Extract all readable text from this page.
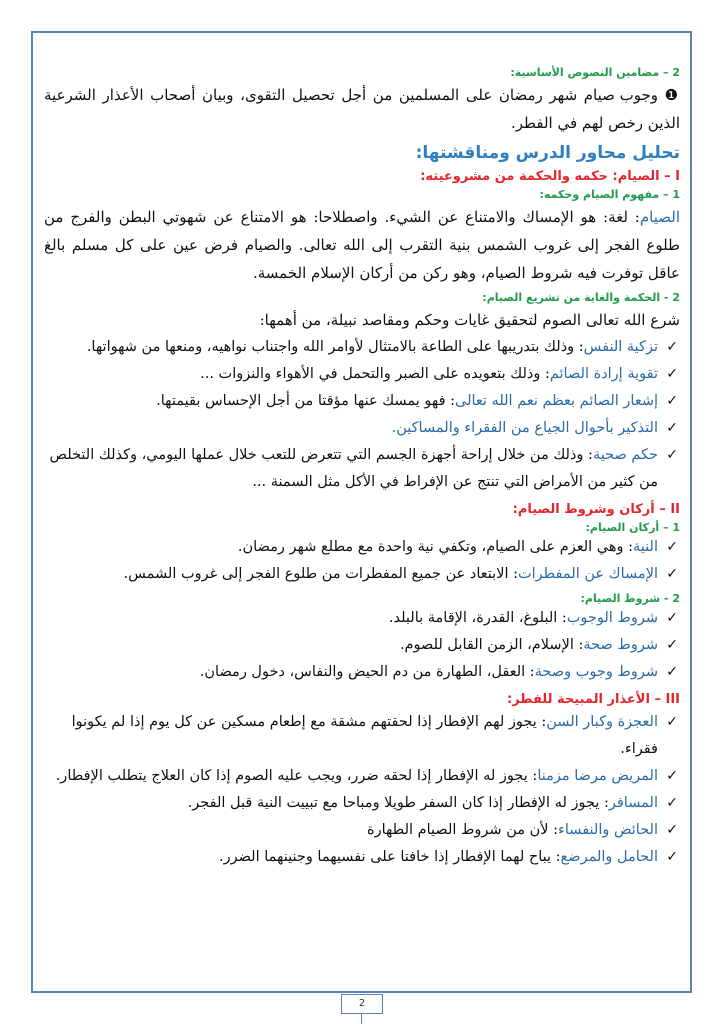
2 – مضامين النصوص الأساسية:

❶ وجوب صيام شهر رمضان على المسلمين من أجل تحصيل التقوى، وبيان أصحاب الأعذار الشرعية الذين رخص لهم في الفطر.

تحليل محاور الدرس ومناقشتها:

I – الصيام: حكمه والحكمة من مشروعيته:

1 – مفهوم الصيام وحكمه:

الصيام: لغة: هو الإمساك والامتناع عن الشيء. واصطلاحا: هو الامتناع عن شهوتي البطن والفرج من طلوع الفجر إلى غروب الشمس بنية التقرب إلى الله تعالى. والصيام فرض عين على كل مسلم بالغ عاقل توفرت فيه شروط الصيام، وهو ركن من أركان الإسلام الخمسة.

2 - الحكمة والغاية من تشريع الصيام:

شرع الله تعالى الصوم لتحقيق غايات وحكم ومقاصد نبيلة، من أهمها:

✓
تزكية النفس: وذلك بتدريبها على الطاعة بالامتثال لأوامر الله واجتناب نواهيه، ومنعها من شهواتها.
✓
تقوية إرادة الصائم: وذلك بتعويده على الصبر والتحمل في الأهواء والنزوات ...
✓
إشعار الصائم بعظم نعم الله تعالى: فهو يمسك عنها مؤقتا من أجل الإحساس بقيمتها.
✓
التذكير بأحوال الجياع من الفقراء والمساكين.
✓
حكم صحية: وذلك من خلال إراحة أجهزة الجسم التي تتعرض للتعب خلال عملها اليومي، وكذلك التخلص من كثير من الأمراض التي تنتج عن الإفراط في الأكل مثل السمنة ...

II – أركان وشروط الصيام:

1 – أركان الصيام:

✓
النية: وهي العزم على الصيام، وتكفي نية واحدة مع مطلع شهر رمضان.
✓
الإمساك عن المفطرات: الابتعاد عن جميع المفطرات من طلوع الفجر إلى غروب الشمس.

2 - شروط الصيام:

✓
شروط الوجوب: البلوغ، القدرة، الإقامة بالبلد.
✓
شروط صحة: الإسلام، الزمن القابل للصوم.
✓
شروط وجوب وصحة: العقل، الطهارة من دم الحيض والنفاس، دخول رمضان.

III – الأعذار المبيحة للفطر:

✓
العجزة وكبار السن: يجوز لهم الإفطار إذا لحقتهم مشقة مع إطعام مسكين عن كل يوم إذا لم يكونوا فقراء.
✓
المريض مرضا مزمنا: يجوز له الإفطار إذا لحقه ضرر، ويجب عليه الصوم إذا كان العلاج يتطلب الإفطار.
✓
المسافر: يجوز له الإفطار إذا كان السفر طويلا ومباحا مع تبييت النية قبل الفجر.
✓
الحائض والنفساء: لأن من شروط الصيام الطهارة
✓
الحامل والمرضع: يباح لهما الإفطار إذا خافتا على نفسيهما وجنينهما الضرر.
2
